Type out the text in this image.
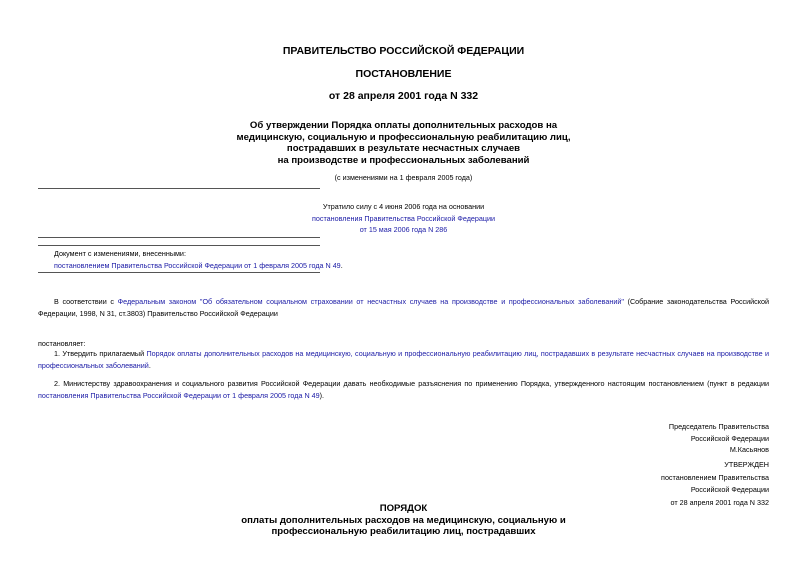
ПРАВИТЕЛЬСТВО РОССИЙСКОЙ ФЕДЕРАЦИИ
ПОСТАНОВЛЕНИЕ
от 28 апреля 2001 года N 332
Об утверждении Порядка оплаты дополнительных расходов на
медицинскую, социальную и профессиональную реабилитацию лиц,
пострадавших в результате несчастных случаев
на производстве и профессиональных заболеваний
(с изменениями на 1 февраля 2005 года)
Утратило силу с 4 июня 2006 года на основании
постановления Правительства Российской Федерации
от 15 мая 2006 года N 286
Документ с изменениями, внесенными:
постановлением Правительства Российской Федерации от 1 февраля 2005 года N 49.
В соответствии с Федеральным законом "Об обязательном социальном страховании от несчастных случаев на производстве и профессиональных заболеваний" (Собрание законодательства Российской Федерации, 1998, N 31, ст.3803) Правительство Российской Федерации
постановляет:
1. Утвердить прилагаемый Порядок оплаты дополнительных расходов на медицинскую, социальную и профессиональную реабилитацию лиц, пострадавших в результате несчастных случаев на производстве и профессиональных заболеваний.
2. Министерству здравоохранения и социального развития Российской Федерации давать необходимые разъяснения по применению Порядка, утвержденного настоящим постановлением (пункт в редакции постановления Правительства Российской Федерации от 1 февраля 2005 года N 49).
Председатель Правительства
Российской Федерации
М.Касьянов
УТВЕРЖДЕН
постановлением Правительства
Российской Федерации
от 28 апреля 2001 года N 332
ПОРЯДОК
оплаты дополнительных расходов на медицинскую, социальную и
профессиональную реабилитацию лиц, пострадавших
